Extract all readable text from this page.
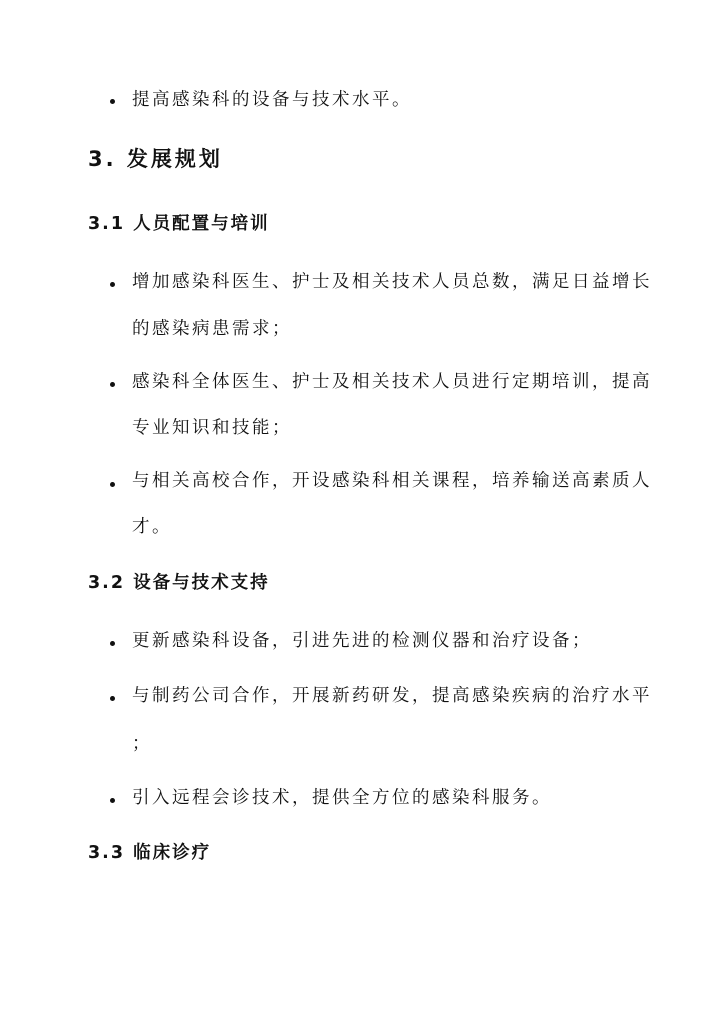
提高感染科的设备与技术水平。
3. 发展规划
3.1 人员配置与培训
增加感染科医生、护士及相关技术人员总数，满足日益增长
的感染病患需求；
感染科全体医生、护士及相关技术人员进行定期培训，提高
专业知识和技能；
与相关高校合作，开设感染科相关课程，培养输送高素质人
才。
3.2 设备与技术支持
更新感染科设备，引进先进的检测仪器和治疗设备；
与制药公司合作，开展新药研发，提高感染疾病的治疗水平
；
引入远程会诊技术，提供全方位的感染科服务。
3.3 临床诊疗
